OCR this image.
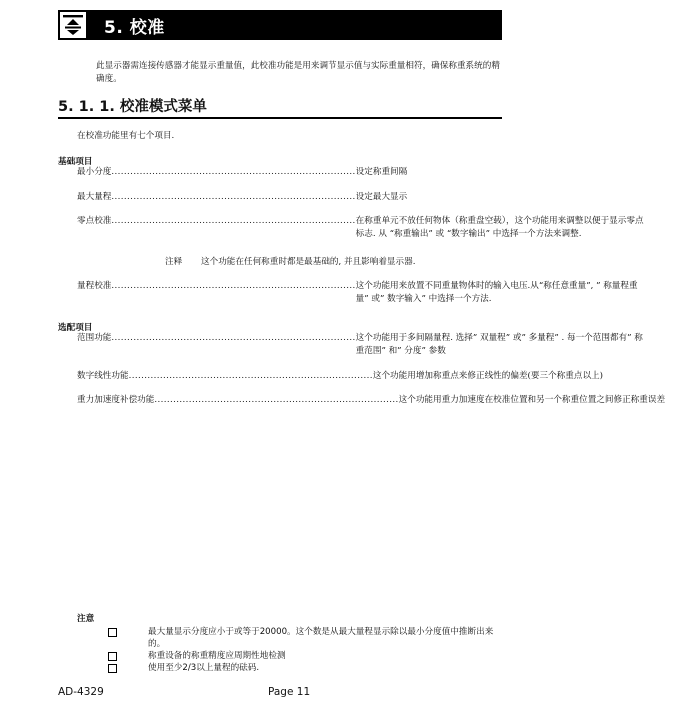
5. 校准
此显示器需连接传感器才能显示重量值，此校准功能是用来调节显示值与实际重量相符，确保称重系统的精确度。
5. 1. 1. 校准模式菜单
在校准功能里有七个项目.
基础项目
最小分度 .............................................................................. 设定称重间隔
最大量程 .............................................................................. 设定最大显示
零点校准 .............................................................................. 在称重单元不放任何物体（称重盘空载），这个功能用来调整以便于显示零点标志. 从 “称重输出” 或 “数字输出” 中选择一个方法来调整.
注释	这个功能在任何称重时都是最基础的, 并且影响着显示器.
量程校准 .............................................................................. 这个功能用来放置不同重量物体时的输入电压.从“称任意重量”, ” 称量程重量” 或” 数字输入” 中选择一个方法.
选配项目
范围功能 .............................................................................. 这个功能用于多间隔量程. 选择” 双量程” 或” 多量程” . 每一个范围都有” 称重范围” 和” 分度” 参数
数字线性功能 .............................................................................. 这个功能用增加称重点来修正线性的偏差(要三个称重点以上)
重力加速度补偿功能 .............................................................................. 这个功能用重力加速度在校准位置和另一个称重位置之间修正称重误差
注意
最大量显示分度应小于或等于20000。这个数是从最大量程显示除以最小分度值中推断出来的。
称重设备的称重精度应周期性地检测
使用至少2/3以上量程的砝码.
AD-4329	Page 11
